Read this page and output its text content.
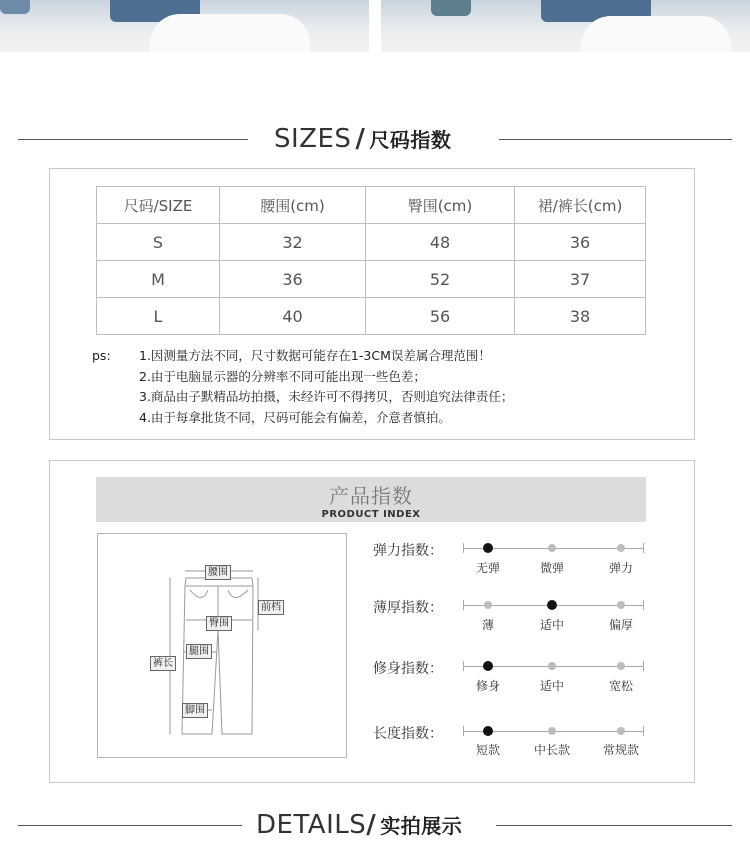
SIZES / 尺码指数
尺码/SIZE	腰围(cm)	臀围(cm)	裙/裤长(cm)
S	32	48	36
M	36	52	37
L	40	56	38
ps: 1.因测量方法不同，尺寸数据可能存在1-3CM误差属合理范围！
2.由于电脑显示器的分辨率不同可能出现一些色差；
3.商品由子默精品坊拍摄，未经许可不得拷贝，否则追究法律责任；
4.由于每拿批货不同，尺码可能会有偏差，介意者慎拍。
产品指数
PRODUCT INDEX
腰围
前档
臀围
腿围
裤长
脚围
弹力指数：
无弹	微弹	弹力
薄厚指数：
薄	适中	偏厚
修身指数：
修身	适中	宽松
长度指数：
短款	中长款	常规款
DETAILS/ 实拍展示
